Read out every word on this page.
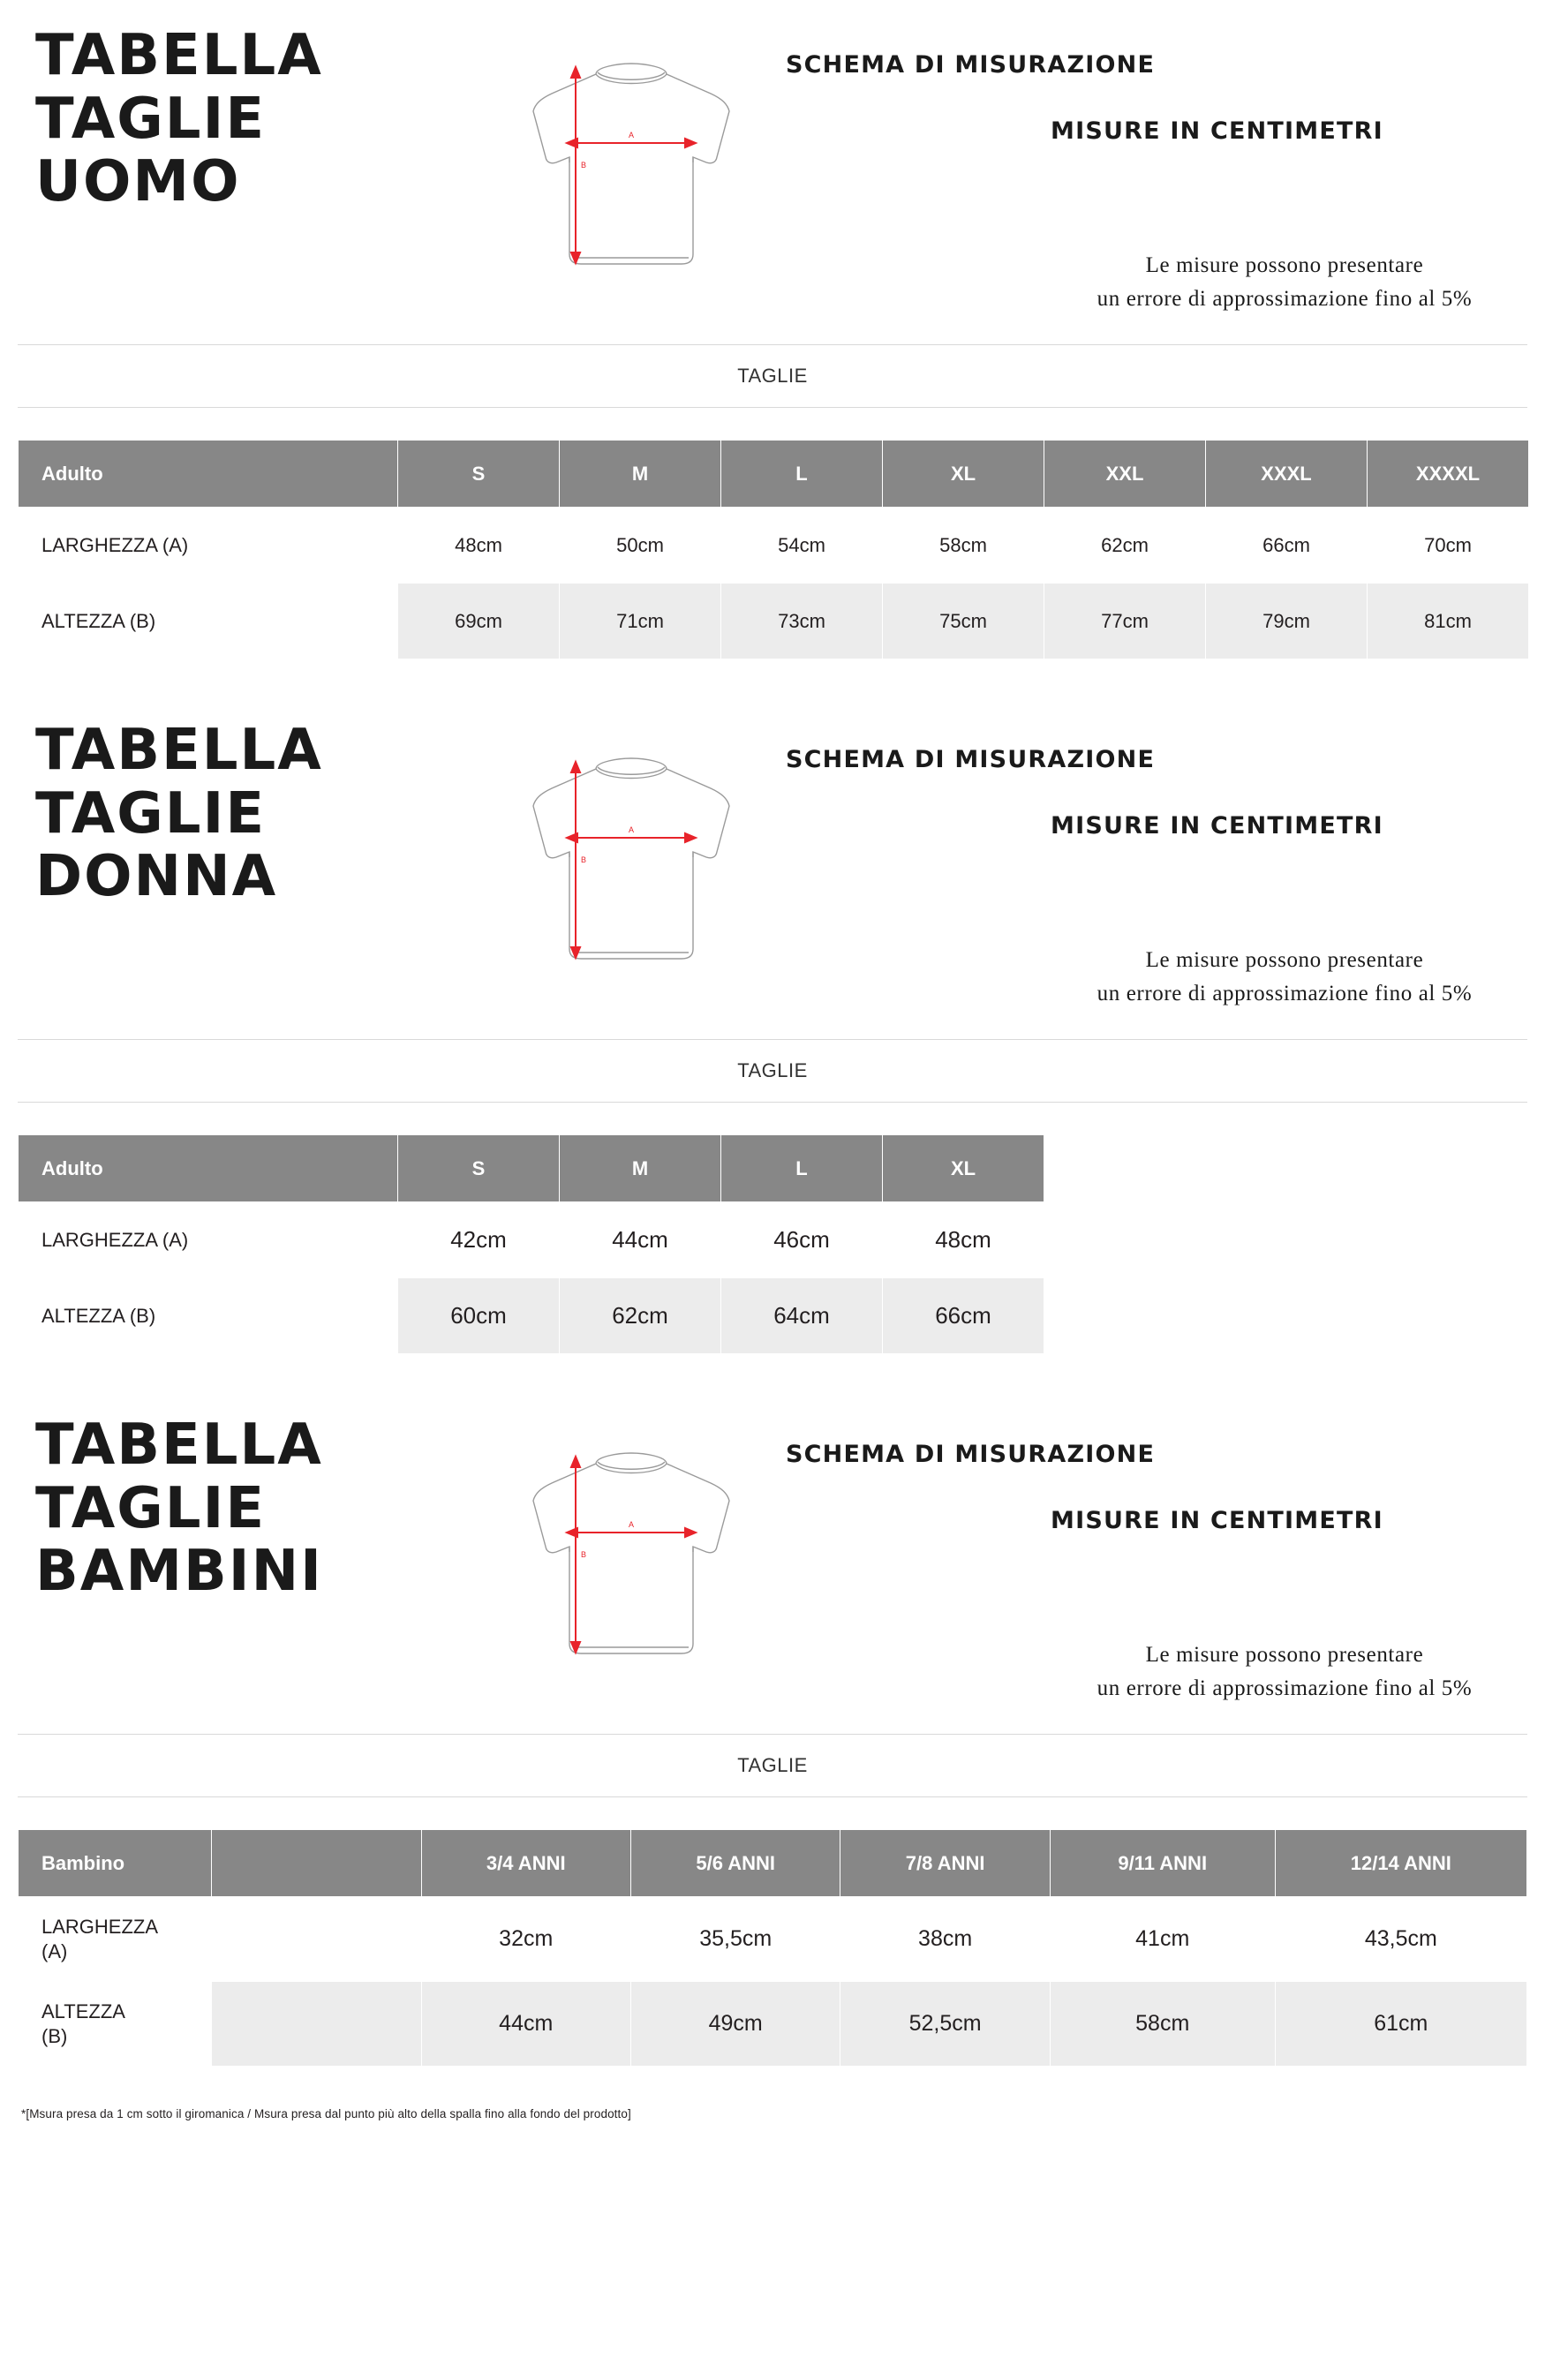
TABELLA
TAGLIE
UOMO
A
B
SCHEMA DI MISURAZIONE
MISURE IN CENTIMETRI
Le misure possono presentare
un errore di approssimazione fino al 5%
TAGLIE
Adulto	S	M	L	XL	XXL	XXXL	XXXXL
LARGHEZZA (A)	48cm	50cm	54cm	58cm	62cm	66cm	70cm
ALTEZZA (B)	69cm	71cm	73cm	75cm	77cm	79cm	81cm
TABELLA
TAGLIE
DONNA
A
B
SCHEMA DI MISURAZIONE
MISURE IN CENTIMETRI
Le misure possono presentare
un errore di approssimazione fino al 5%
TAGLIE
Adulto	S	M	L	XL
LARGHEZZA (A)	42cm	44cm	46cm	48cm
ALTEZZA (B)	60cm	62cm	64cm	66cm
TABELLA
TAGLIE
BAMBINI
A
B
SCHEMA DI MISURAZIONE
MISURE IN CENTIMETRI
Le misure possono presentare
un errore di approssimazione fino al 5%
TAGLIE
Bambino		3/4 ANNI	5/6 ANNI	7/8 ANNI	9/11 ANNI	12/14 ANNI
LARGHEZZA
(A)		32cm	35,5cm	38cm	41cm	43,5cm
ALTEZZA
(B)		44cm	49cm	52,5cm	58cm	61cm
*[Msura presa da 1 cm sotto il giromanica / Msura presa dal punto più alto della spalla fino alla fondo del prodotto]
